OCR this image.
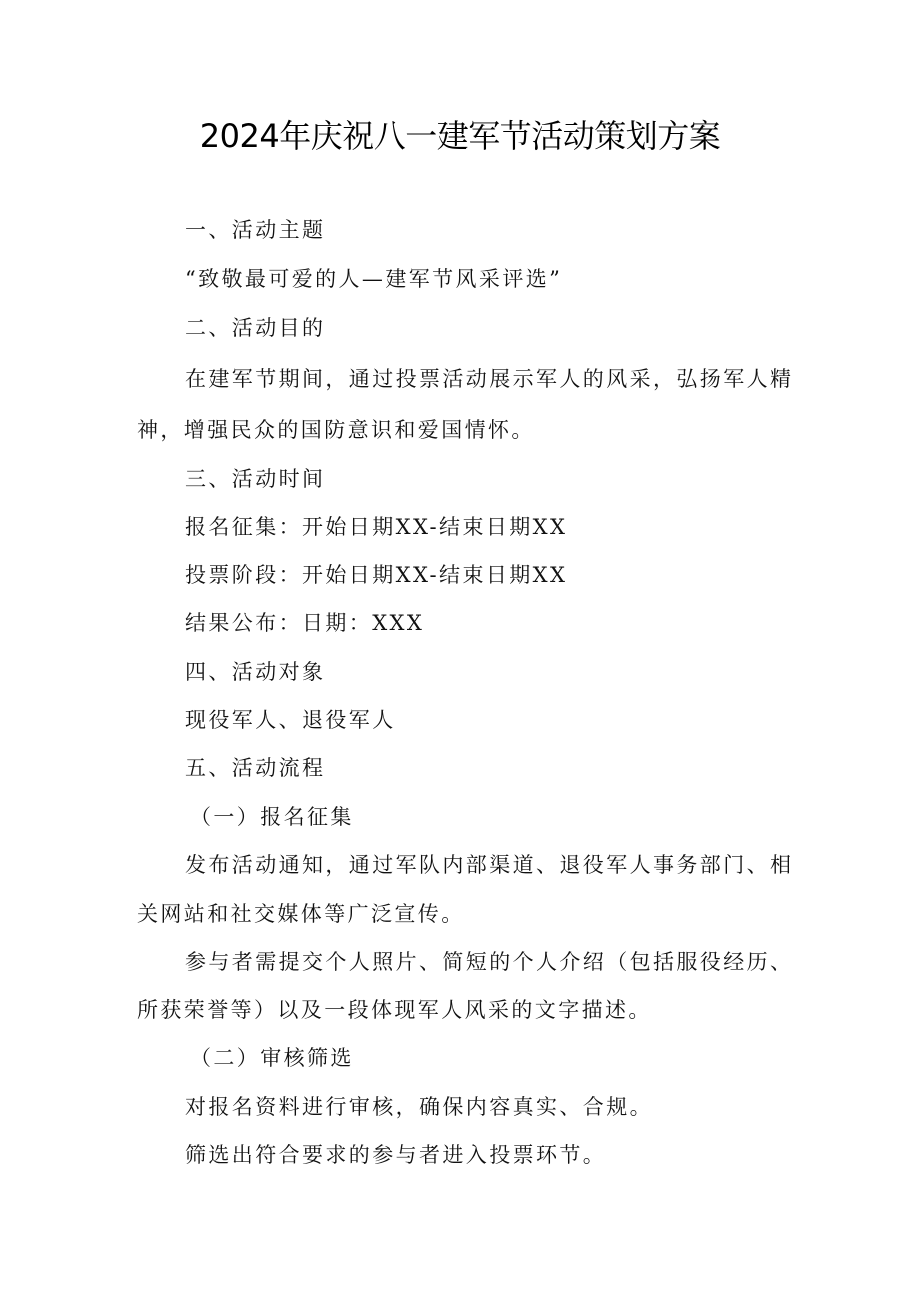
2024年庆祝八一建军节活动策划方案
一、活动主题
“致敬最可爱的人—建军节风采评选”
二、活动目的
在建军节期间，通过投票活动展示军人的风采，弘扬军人精
神，增强民众的国防意识和爱国情怀。
三、活动时间
报名征集：开始日期XX-结束日期XX
投票阶段：开始日期XX-结束日期XX
结果公布：日期：XXX
四、活动对象
现役军人、退役军人
五、活动流程
（一）报名征集
发布活动通知，通过军队内部渠道、退役军人事务部门、相
关网站和社交媒体等广泛宣传。
参与者需提交个人照片、简短的个人介绍（包括服役经历、
所获荣誉等）以及一段体现军人风采的文字描述。
（二）审核筛选
对报名资料进行审核，确保内容真实、合规。
筛选出符合要求的参与者进入投票环节。
